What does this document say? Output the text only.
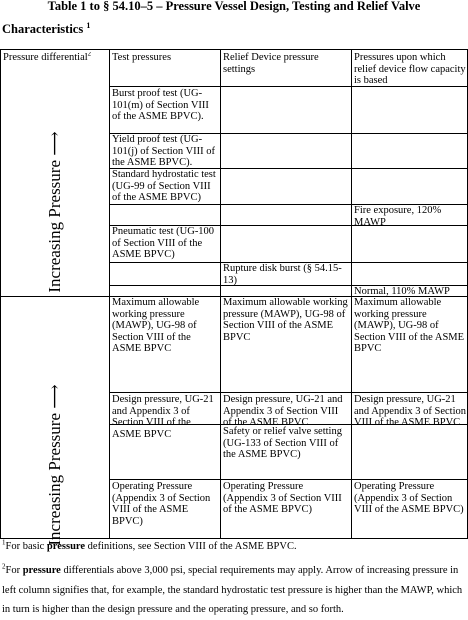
Table 1 to § 54.10–5 – Pressure Vessel Design, Testing and Relief Valve
Characteristics $^1$
Pressure differential$^2$	Test pressures	Relief Device pressure settings
Pressures upon which relief device flow capacity is based
Increasing Pressure ⟶
Increasing Pressure ⟶
Burst proof test (UG-101(m) of Section VIII of the ASME BPVC).
Yield proof test (UG-101(j) of Section VIII of the ASME BPVC).
Standard hydrostatic test (UG-99 of Section VIII of the ASME BPVC)
Fire exposure, 120% MAWP
Pneumatic test (UG-100 of Section VIII of the ASME BPVC)
Rupture disk burst (§ 54.15-13)
Normal, 110% MAWP
Maximum allowable working pressure (MAWP), UG-98 of Section VIII of the ASME BPVC
Maximum allowable working pressure (MAWP), UG-98 of Section VIII of the ASME BPVC
Maximum allowable working pressure (MAWP), UG-98 of Section VIII of the ASME BPVC
Design pressure, UG-21 and Appendix 3 of Section VIII of the ASME BPVC
Design pressure, UG-21 and Appendix 3 of Section VIII of the ASME BPVC
Design pressure, UG-21 and Appendix 3 of Section VIII of the ASME BPVC
Safety or relief valve setting (UG-133 of Section VIII of the ASME BPVC)
Operating Pressure (Appendix 3 of Section VIII of the ASME BPVC)
Operating Pressure (Appendix 3 of Section VIII of the ASME BPVC)
Operating Pressure (Appendix 3 of Section VIII of the ASME BPVC)
$^1$For basic pressure definitions, see Section VIII of the ASME BPVC.
$^2$For pressure differentials above 3,000 psi, special requirements may apply. Arrow of increasing pressure in left column signifies that, for example, the standard hydrostatic test pressure is higher than the MAWP, which in turn is higher than the design pressure and the operating pressure, and so forth.
